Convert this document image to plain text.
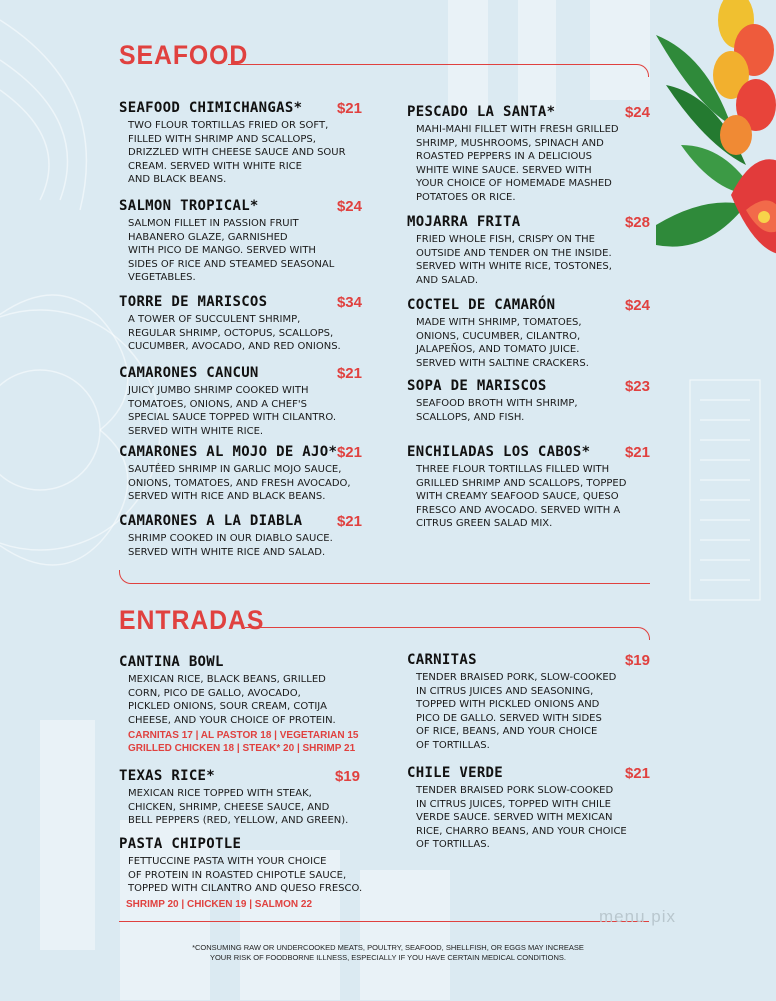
SEAFOOD
SEAFOOD CHIMICHANGAS*	$21
TWO FLOUR TORTILLAS FRIED OR SOFT,
FILLED WITH SHRIMP AND SCALLOPS,
DRIZZLED WITH CHEESE SAUCE AND SOUR
CREAM. SERVED WITH WHITE RICE
AND BLACK BEANS.
SALMON TROPICAL*	$24
SALMON FILLET IN PASSION FRUIT
HABANERO GLAZE, GARNISHED
WITH PICO DE MANGO. SERVED WITH
SIDES OF RICE AND STEAMED SEASONAL
VEGETABLES.
TORRE DE MARISCOS	$34
A TOWER OF SUCCULENT SHRIMP,
REGULAR SHRIMP, OCTOPUS, SCALLOPS,
CUCUMBER, AVOCADO, AND RED ONIONS.
CAMARONES CANCUN	$21
JUICY JUMBO SHRIMP COOKED WITH
TOMATOES, ONIONS, AND A CHEF'S
SPECIAL SAUCE TOPPED WITH CILANTRO.
SERVED WITH WHITE RICE.
CAMARONES AL MOJO DE AJO* $21
SAUTÉED SHRIMP IN GARLIC MOJO SAUCE,
ONIONS, TOMATOES, AND FRESH AVOCADO,
SERVED WITH RICE AND BLACK BEANS.
CAMARONES A LA DIABLA	$21
SHRIMP COOKED IN OUR DIABLO SAUCE.
SERVED WITH WHITE RICE AND SALAD.
PESCADO LA SANTA*	$24
MAHI-MAHI FILLET WITH FRESH GRILLED
SHRIMP, MUSHROOMS, SPINACH AND
ROASTED PEPPERS IN A DELICIOUS
WHITE WINE SAUCE. SERVED WITH
YOUR CHOICE OF HOMEMADE MASHED
POTATOES OR RICE.
MOJARRA FRITA	$28
FRIED WHOLE FISH, CRISPY ON THE
OUTSIDE AND TENDER ON THE INSIDE.
SERVED WITH WHITE RICE, TOSTONES,
AND SALAD.
COCTEL DE CAMARÓN	$24
MADE WITH SHRIMP, TOMATOES,
ONIONS, CUCUMBER, CILANTRO,
JALAPEÑOS, AND TOMATO JUICE.
SERVED WITH SALTINE CRACKERS.
SOPA DE MARISCOS	$23
SEAFOOD BROTH WITH SHRIMP,
SCALLOPS, AND FISH.
ENCHILADAS LOS CABOS*	$21
THREE FLOUR TORTILLAS FILLED WITH
GRILLED SHRIMP AND SCALLOPS, TOPPED
WITH CREAMY SEAFOOD SAUCE, QUESO
FRESCO AND AVOCADO. SERVED WITH A
CITRUS GREEN SALAD MIX.
ENTRADAS
CANTINA BOWL
MEXICAN RICE, BLACK BEANS, GRILLED
CORN, PICO DE GALLO, AVOCADO,
PICKLED ONIONS, SOUR CREAM, COTIJA
CHEESE, AND YOUR CHOICE OF PROTEIN.
CARNITAS 17 | AL PASTOR 18 | VEGETARIAN 15
GRILLED CHICKEN 18 | STEAK* 20 | SHRIMP 21
TEXAS RICE*	$19
MEXICAN RICE TOPPED WITH STEAK,
CHICKEN, SHRIMP, CHEESE SAUCE, AND
BELL PEPPERS (RED, YELLOW, AND GREEN).
PASTA CHIPOTLE
FETTUCCINE PASTA WITH YOUR CHOICE
OF PROTEIN IN ROASTED CHIPOTLE SAUCE,
TOPPED WITH CILANTRO AND QUESO FRESCO.
SHRIMP 20 | CHICKEN 19 | SALMON 22
CARNITAS	$19
TENDER BRAISED PORK, SLOW-COOKED
IN CITRUS JUICES AND SEASONING,
TOPPED WITH PICKLED ONIONS AND
PICO DE GALLO. SERVED WITH SIDES
OF RICE, BEANS, AND YOUR CHOICE
OF TORTILLAS.
CHILE VERDE	$21
TENDER BRAISED PORK SLOW-COOKED
IN CITRUS JUICES, TOPPED WITH CHILE
VERDE SAUCE. SERVED WITH MEXICAN
RICE, CHARRO BEANS, AND YOUR CHOICE
OF TORTILLAS.
menu pix
*CONSUMING RAW OR UNDERCOOKED MEATS, POULTRY, SEAFOOD, SHELLFISH, OR EGGS MAY INCREASE
YOUR RISK OF FOODBORNE ILLNESS, ESPECIALLY IF YOU HAVE CERTAIN MEDICAL CONDITIONS.
